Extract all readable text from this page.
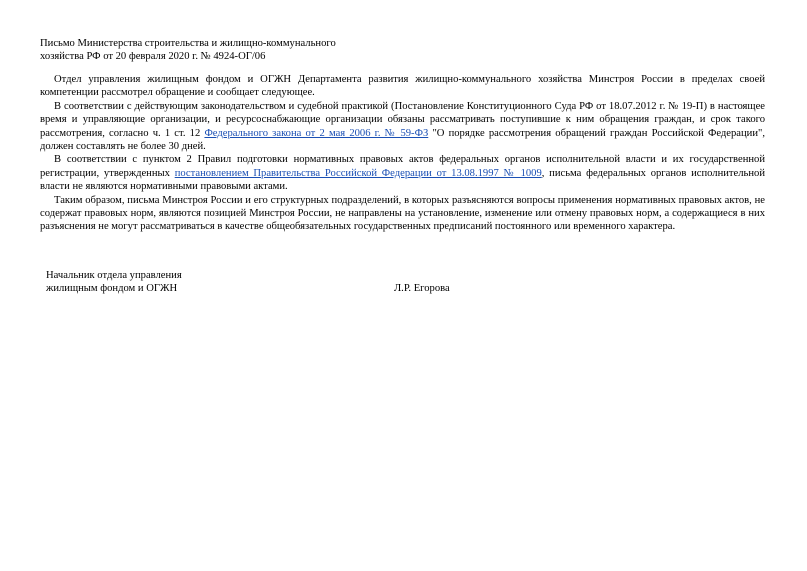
Письмо Министерства строительства и жилищно-коммунального
хозяйства РФ от 20 февраля 2020 г. № 4924-ОГ/06

Отдел управления жилищным фондом и ОГЖН Департамента развития жилищно-коммунального хозяйства Минстроя России в пределах своей компетенции рассмотрел обращение и сообщает следующее.

В соответствии с действующим законодательством и судебной практикой (Постановление Конституционного Суда РФ от 18.07.2012 г. № 19-П) в настоящее время и управляющие организации, и ресурсоснабжающие организации обязаны рассматривать поступившие к ним обращения граждан, и срок такого рассмотрения, согласно ч. 1 ст. 12 Федерального закона от 2 мая 2006 г. № 59-ФЗ "О порядке рассмотрения обращений граждан Российской Федерации", должен составлять не более 30 дней.

В соответствии с пунктом 2 Правил подготовки нормативных правовых актов федеральных органов исполнительной власти и их государственной регистрации, утвержденных постановлением Правительства Российской Федерации от 13.08.1997 № 1009, письма федеральных органов исполнительной власти не являются нормативными правовыми актами.

Таким образом, письма Минстроя России и его структурных подразделений, в которых разъясняются вопросы применения нормативных правовых актов, не содержат правовых норм, являются позицией Минстроя России, не направлены на установление, изменение или отмену правовых норм, а содержащиеся в них разъяснения не могут рассматриваться в качестве общеобязательных государственных предписаний постоянного или временного характера.

Начальник отдела управления
жилищным фондом и ОГЖН	Л.Р. Егорова
